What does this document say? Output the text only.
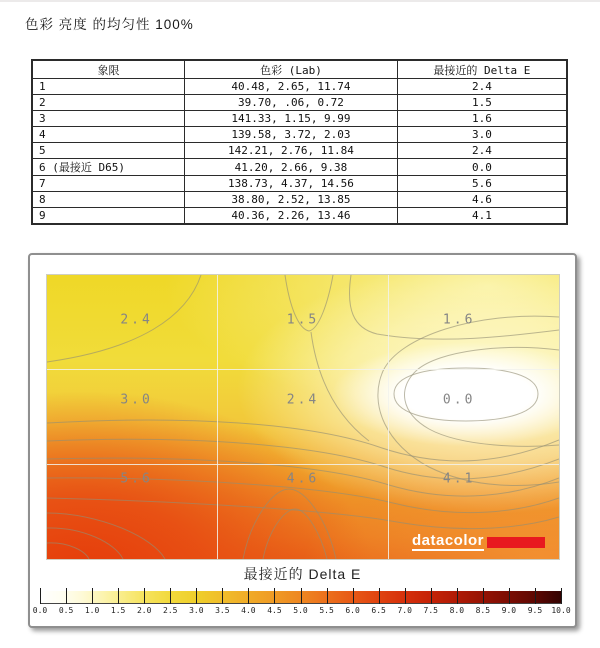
色彩 亮度 的均匀性 100%
象限	色彩 (Lab)	最接近的 Delta E
1	40.48, 2.65, 11.74	2.4
2	39.70, .06, 0.72	1.5
3	141.33, 1.15, 9.99	1.6
4	139.58, 3.72, 2.03	3.0
5	142.21, 2.76, 11.84	2.4
6 (最接近 D65)	41.20, 2.66, 9.38	0.0
7	138.73, 4.37, 14.56	5.6
8	38.80, 2.52, 13.85	4.6
9	40.36, 2.26, 13.46	4.1
datacolor
2.4	1.5	1.6
3.0	2.4	0.0
5.6	4.6	4.1
最接近的 Delta E
0.0 0.5 1.0 1.5 2.0 2.5 3.0 3.5 4.0 4.5 5.0 5.5 6.0 6.5 7.0 7.5 8.0 8.5 9.0 9.5 10.0
